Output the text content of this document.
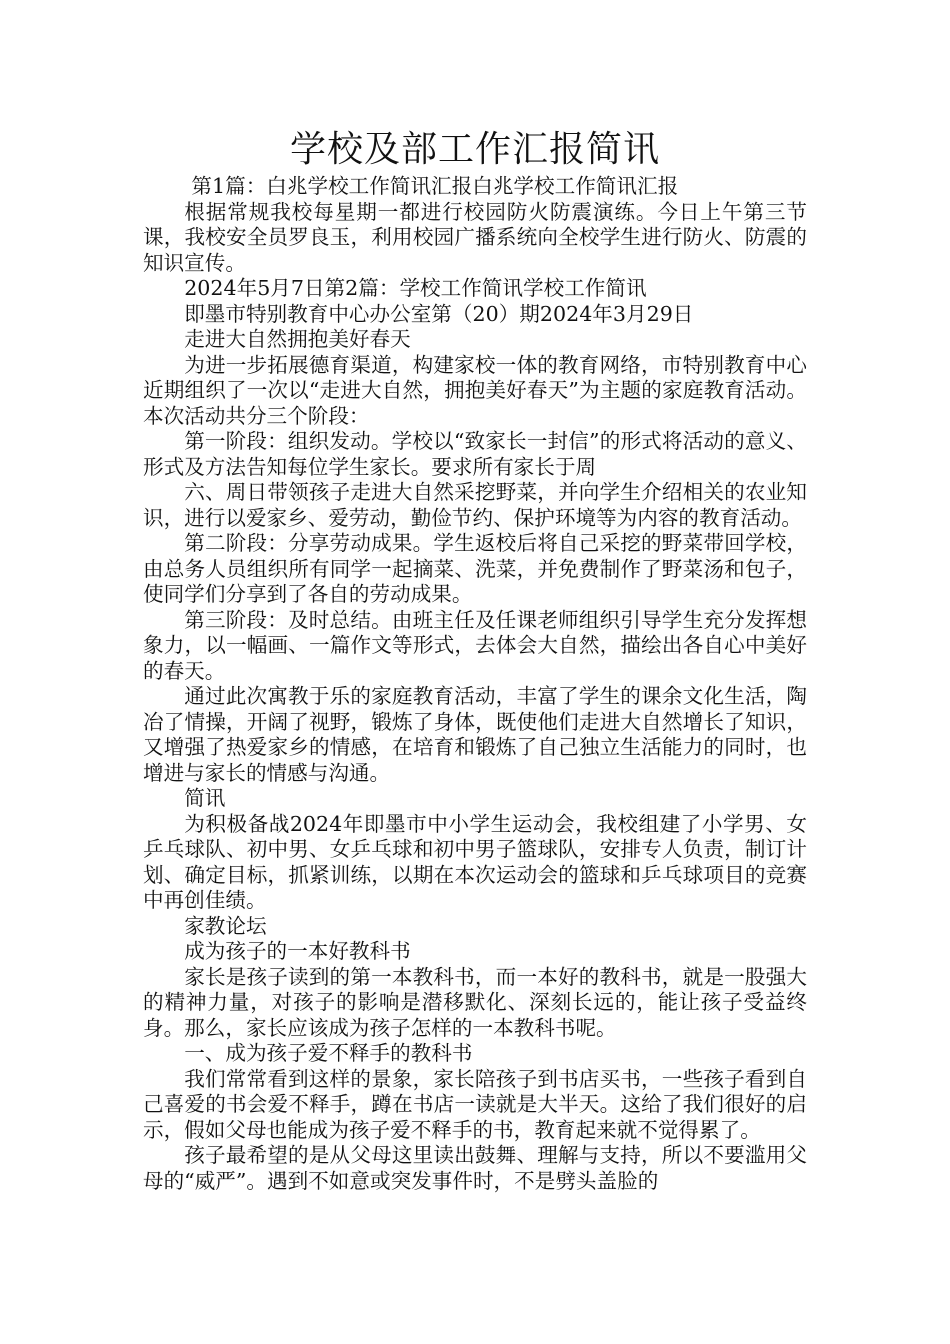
学校及部工作汇报简讯

第1篇：白兆学校工作简讯汇报白兆学校工作简讯汇报

根据常规我校每星期一都进行校园防火防震演练。今日上午第三节课，我校安全员罗良玉，利用校园广播系统向全校学生进行防火、防震的知识宣传。

2024年5月7日第2篇：学校工作简讯学校工作简讯

即墨市特别教育中心办公室第（20）期2024年3月29日

走进大自然拥抱美好春天

为进一步拓展德育渠道，构建家校一体的教育网络，市特别教育中心近期组织了一次以“走进大自然，拥抱美好春天”为主题的家庭教育活动。本次活动共分三个阶段：

第一阶段：组织发动。学校以“致家长一封信”的形式将活动的意义、形式及方法告知每位学生家长。要求所有家长于周

六、周日带领孩子走进大自然采挖野菜，并向学生介绍相关的农业知识，进行以爱家乡、爱劳动，勤俭节约、保护环境等为内容的教育活动。

第二阶段：分享劳动成果。学生返校后将自己采挖的野菜带回学校，由总务人员组织所有同学一起摘菜、洗菜，并免费制作了野菜汤和包子，使同学们分享到了各自的劳动成果。

第三阶段：及时总结。由班主任及任课老师组织引导学生充分发挥想象力，以一幅画、一篇作文等形式，去体会大自然，描绘出各自心中美好的春天。

通过此次寓教于乐的家庭教育活动，丰富了学生的课余文化生活，陶冶了情操，开阔了视野，锻炼了身体，既使他们走进大自然增长了知识，又增强了热爱家乡的情感，在培育和锻炼了自己独立生活能力的同时，也增进与家长的情感与沟通。

简讯

为积极备战2024年即墨市中小学生运动会，我校组建了小学男、女乒乓球队、初中男、女乒乓球和初中男子篮球队，安排专人负责，制订计划、确定目标，抓紧训练，以期在本次运动会的篮球和乒乓球项目的竞赛中再创佳绩。

家教论坛

成为孩子的一本好教科书

家长是孩子读到的第一本教科书，而一本好的教科书，就是一股强大的精神力量，对孩子的影响是潜移默化、深刻长远的，能让孩子受益终身。那么，家长应该成为孩子怎样的一本教科书呢。

一、成为孩子爱不释手的教科书

我们常常看到这样的景象，家长陪孩子到书店买书，一些孩子看到自己喜爱的书会爱不释手，蹲在书店一读就是大半天。这给了我们很好的启示，假如父母也能成为孩子爱不释手的书，教育起来就不觉得累了。

孩子最希望的是从父母这里读出鼓舞、理解与支持，所以不要滥用父母的“威严”。遇到不如意或突发事件时，不是劈头盖脸的
